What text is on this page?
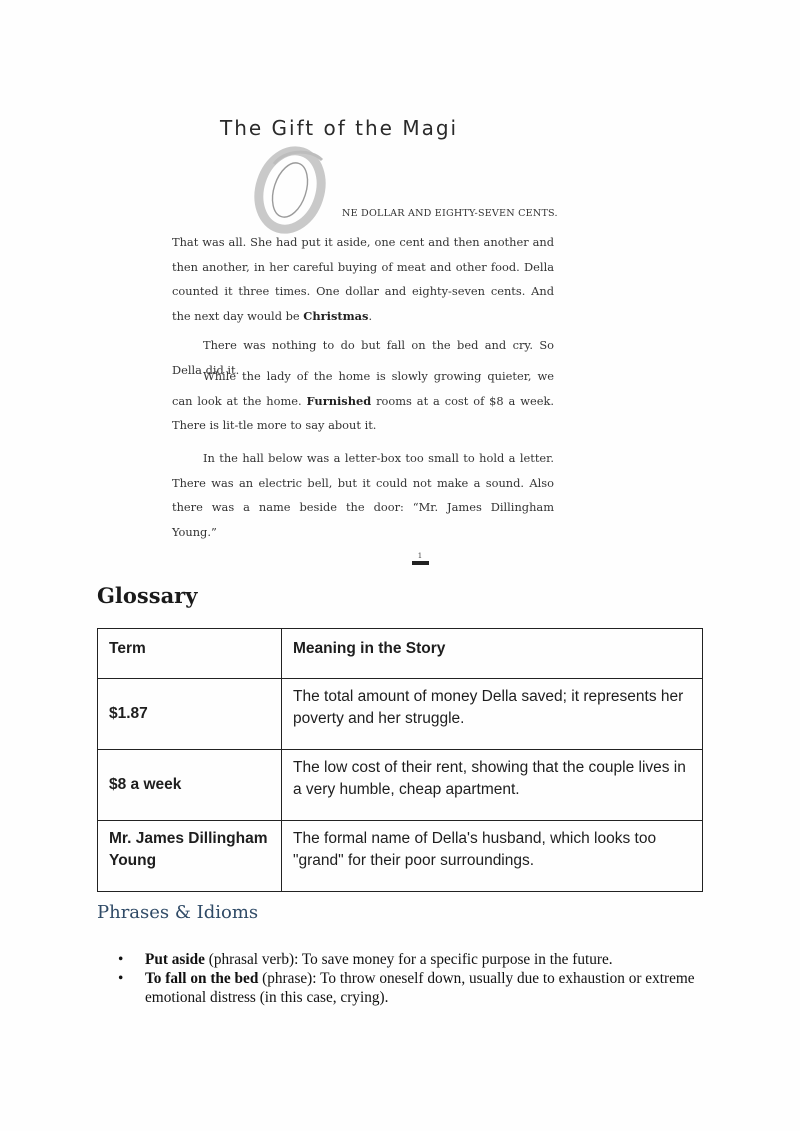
The Gift of the Magi

NE DOLLAR AND EIGHTY-SEVEN CENTS.

That was all. She had put it aside, one cent and then another and then another, in her careful buying of meat and other food. Della counted it three times. One dollar and eighty-seven cents. And the next day would be Christmas.

There was nothing to do but fall on the bed and cry. So Della did it.

While the lady of the home is slowly growing quieter, we can look at the home. Furnished rooms at a cost of $8 a week. There is lit-tle more to say about it.

In the hall below was a letter-box too small to hold a letter. There was an electric bell, but it could not make a sound. Also there was a name beside the door: “Mr. James Dillingham Young.”

1
Glossary
Term	Meaning in the Story
$1.87	The total amount of money Della saved; it represents her poverty and her struggle.
$8 a week	The low cost of their rent, showing that the couple lives in a very humble, cheap apartment.
Mr. James Dillingham Young	The formal name of Della's husband, which looks too "grand" for their poor surroundings.
Phrases & Idioms
• Put aside (phrasal verb): To save money for a specific purpose in the future.
• To fall on the bed (phrase): To throw oneself down, usually due to exhaustion or extreme emotional distress (in this case, crying).
